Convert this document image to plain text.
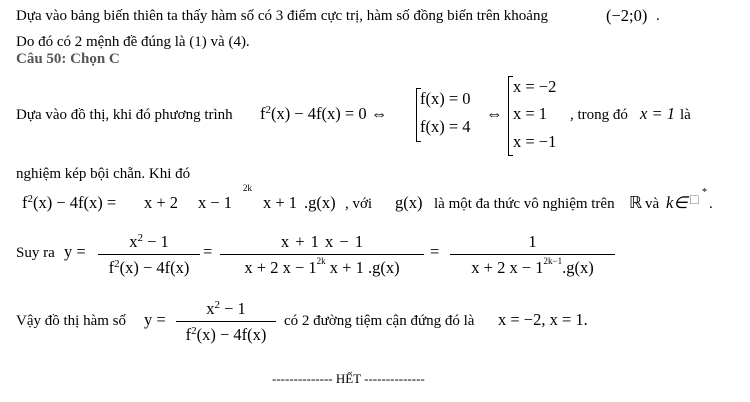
Dựa vào bảng biến thiên ta thấy hàm số có 3 điểm cực trị, hàm số đồng biến trên khoảng	(−2;0) .
Do đó có 2 mệnh đề đúng là (1) và (4).
Câu 50: Chọn C
Dựa vào đồ thị, khi đó phương trình $f^2(x) - 4f(x) = 0$ ⇔
f(x) = 0
f(x) = 4
⇔
x = −2
x = 1
x = −1
, trong đó x = 1 là
nghiệm kép bội chẵn. Khi đó
$f^2(x) - 4f(x) = x + 2$ x − 1
2k
x + 1 .g(x) , với g(x) là một đa thức vô nghiệm trên ℝ và k∈ □
*
.
Suy ra y =
$x^2 - 1$
$f^2(x) - 4f(x)$
=
x + 1 x − 1
x + 2 $x - 1^{2k}$ x + 1 .g(x)
=
1
x + 2 $x - 1^{2k-1}.g(x)$
Vậy đồ thị hàm số y =
$x^2 - 1$
$f^2(x) - 4f(x)$
có 2 đường tiệm cận đứng đó là x = −2, x = 1.
-------------- HẾT --------------
